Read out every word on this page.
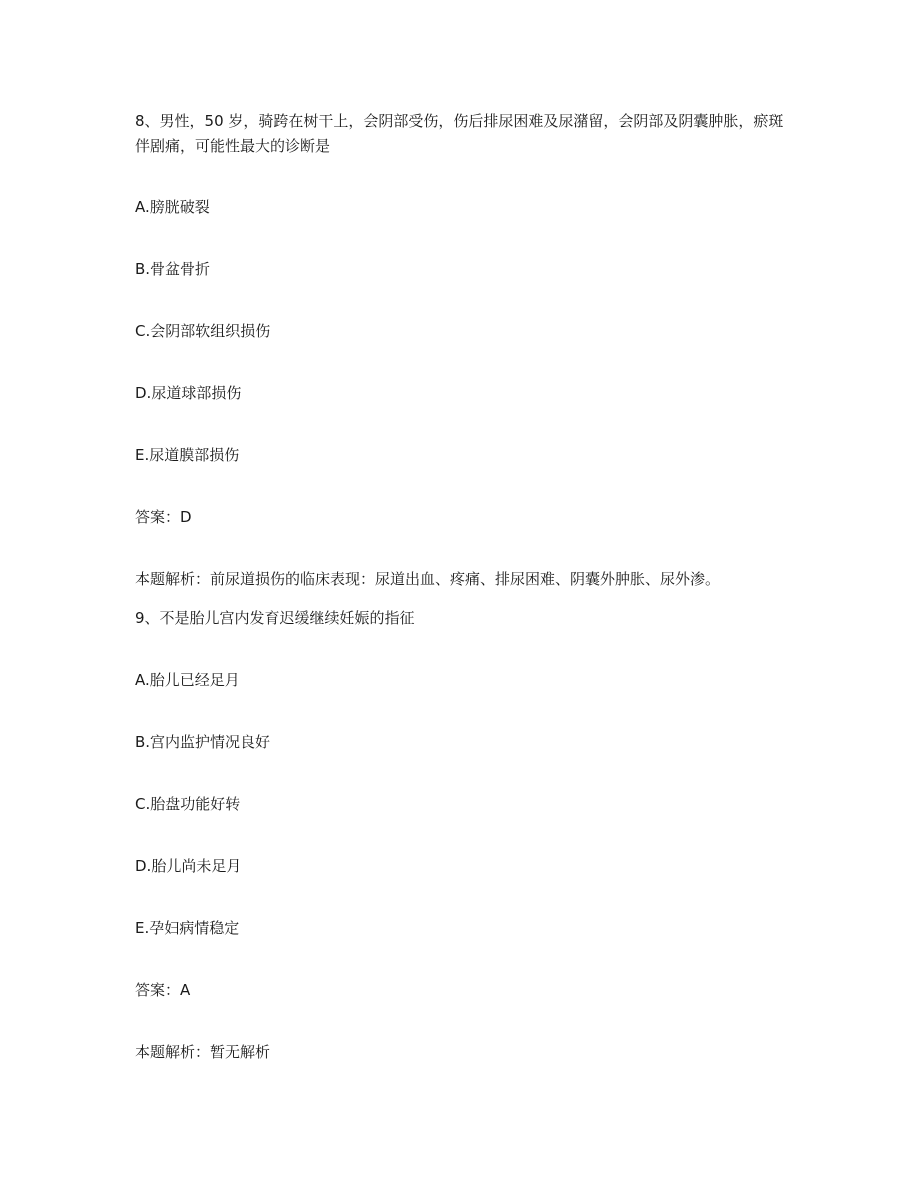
8、男性，50 岁，骑跨在树干上，会阴部受伤，伤后排尿困难及尿潴留，会阴部及阴囊肿胀，瘀斑伴剧痛，可能性最大的诊断是
A.膀胱破裂
B.骨盆骨折
C.会阴部软组织损伤
D.尿道球部损伤
E.尿道膜部损伤
答案：D
本题解析：前尿道损伤的临床表现：尿道出血、疼痛、排尿困难、阴囊外肿胀、尿外渗。
9、不是胎儿宫内发育迟缓继续妊娠的指征
A.胎儿已经足月
B.宫内监护情况良好
C.胎盘功能好转
D.胎儿尚未足月
E.孕妇病情稳定
答案：A
本题解析：暂无解析
